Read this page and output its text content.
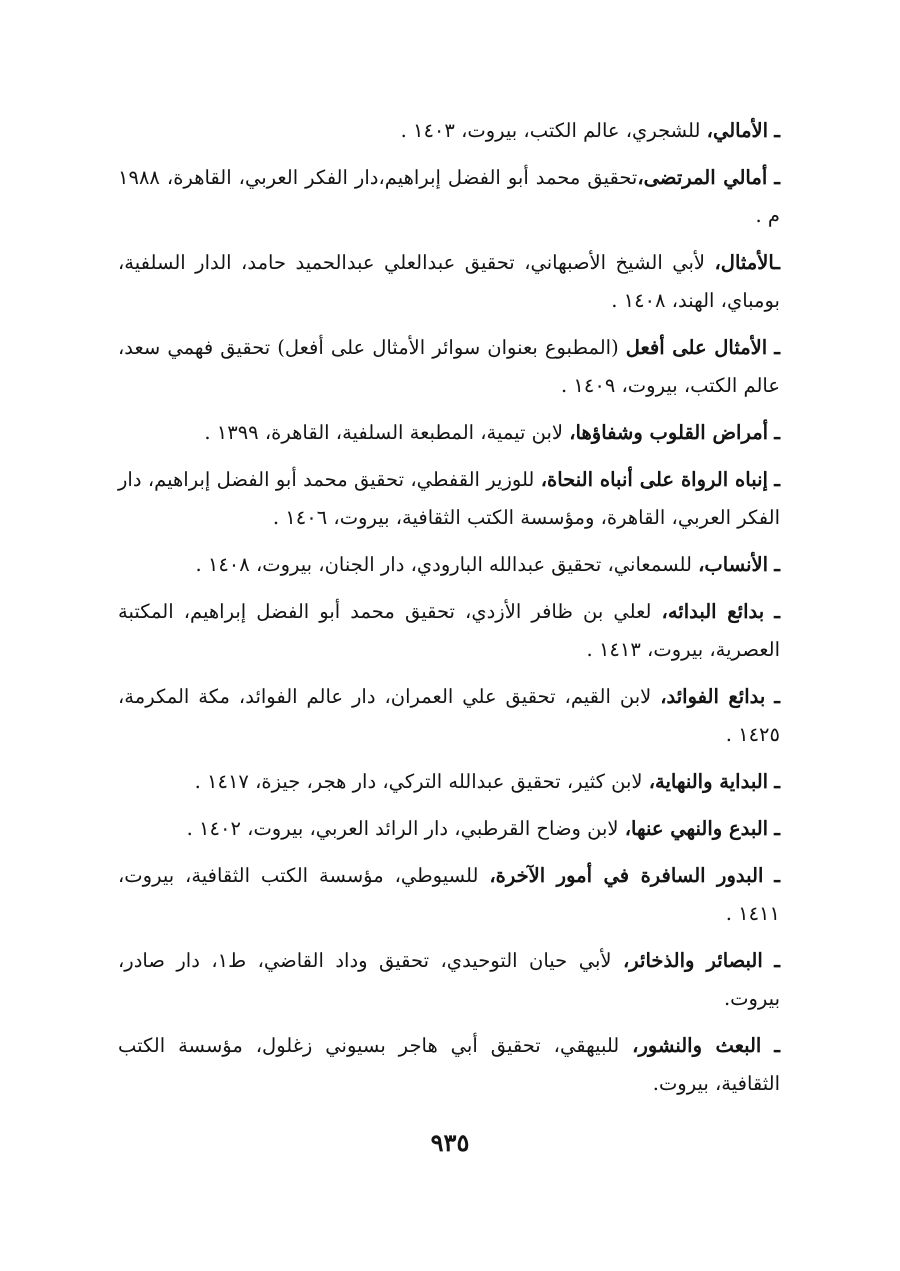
ـ الأمالي، للشجري، عالم الكتب، بيروت، ١٤٠٣ .

ـ أمالي المرتضى،تحقيق محمد أبو الفضل إبراهيم،دار الفكر العربي، القاهرة، ١٩٨٨ م .

ـالأمثال، لأبي الشيخ الأصبهاني، تحقيق عبدالعلي عبدالحميد حامد، الدار السلفية، بومباي، الهند، ١٤٠٨ .

ـ الأمثال على أفعل (المطبوع بعنوان سوائر الأمثال على أفعل) تحقيق فهمي سعد، عالم الكتب، بيروت، ١٤٠٩ .

ـ أمراض القلوب وشفاؤها، لابن تيمية، المطبعة السلفية، القاهرة، ١٣٩٩ .

ـ إنباه الرواة على أنباه النحاة، للوزير القفطي، تحقيق محمد أبو الفضل إبراهيم، دار الفكر العربي، القاهرة، ومؤسسة الكتب الثقافية، بيروت، ١٤٠٦ .

ـ الأنساب، للسمعاني، تحقيق عبدالله البارودي، دار الجنان، بيروت، ١٤٠٨ .

ـ بدائع البدائه، لعلي بن ظافر الأزدي، تحقيق محمد أبو الفضل إبراهيم، المكتبة العصرية، بيروت، ١٤١٣ .

ـ بدائع الفوائد، لابن القيم، تحقيق علي العمران، دار عالم الفوائد، مكة المكرمة، ١٤٢٥ .

ـ البداية والنهاية، لابن كثير، تحقيق عبدالله التركي، دار هجر، جيزة، ١٤١٧ .

ـ البدع والنهي عنها، لابن وضاح القرطبي، دار الرائد العربي، بيروت، ١٤٠٢ .

ـ البدور السافرة في أمور الآخرة، للسيوطي، مؤسسة الكتب الثقافية، بيروت، ١٤١١ .

ـ البصائر والذخائر، لأبي حيان التوحيدي، تحقيق وداد القاضي، ط١، دار صادر، بيروت.

ـ البعث والنشور، للبيهقي، تحقيق أبي هاجر بسيوني زغلول، مؤسسة الكتب الثقافية، بيروت.

٩٣٥
